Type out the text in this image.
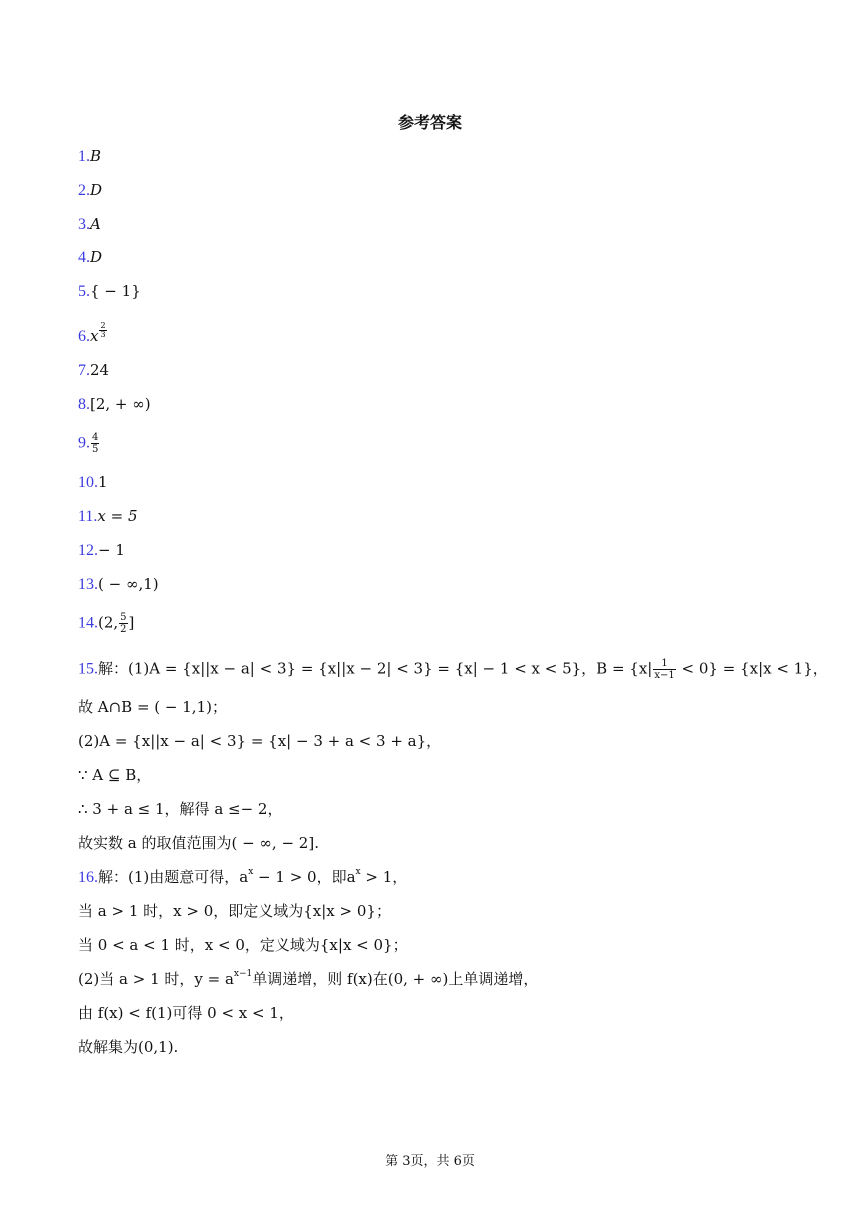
参考答案
1.B
2.D
3.A
4.D
5.{ − 1}
6.x $^{\frac{2}{3}}$
7.24
8.[2, + ∞)
9. $\frac{4}{5}$
10.1
11.x = 5
12.− 1
13.( − ∞,1)
14.(2, $\frac{5}{2}$ ]
15.解：(1)A = {x||x − a| < 3} = {x||x − 2| < 3} = {x| − 1 < x < 5}，$B = \{x| \frac{1}{x-1} < 0\} = \{x|x < 1\}$，
故 A∩B = ( − 1,1)；
(2)A = {x||x − a| < 3} = {x| − 3 + a < 3 + a}，
∵ A ⊆ B，
∴ 3 + a ≤ 1，解得 a ≤− 2，
故实数 a 的取值范围为( − ∞, − 2].
16.解：(1)由题意可得，$a^x - 1 > 0$，即$a^x > 1$，
当 a > 1 时，x > 0，即定义域为{x|x > 0}；
当 0 < a < 1 时，x < 0，定义域为{x|x < 0}；
(2)当 a > 1 时，$y = a^{x-1}$单调递增，则 f(x)在(0, + ∞)上单调递增，
由 f(x) < f(1)可得 0 < x < 1，
故解集为(0,1).
第 3页，共 6页
